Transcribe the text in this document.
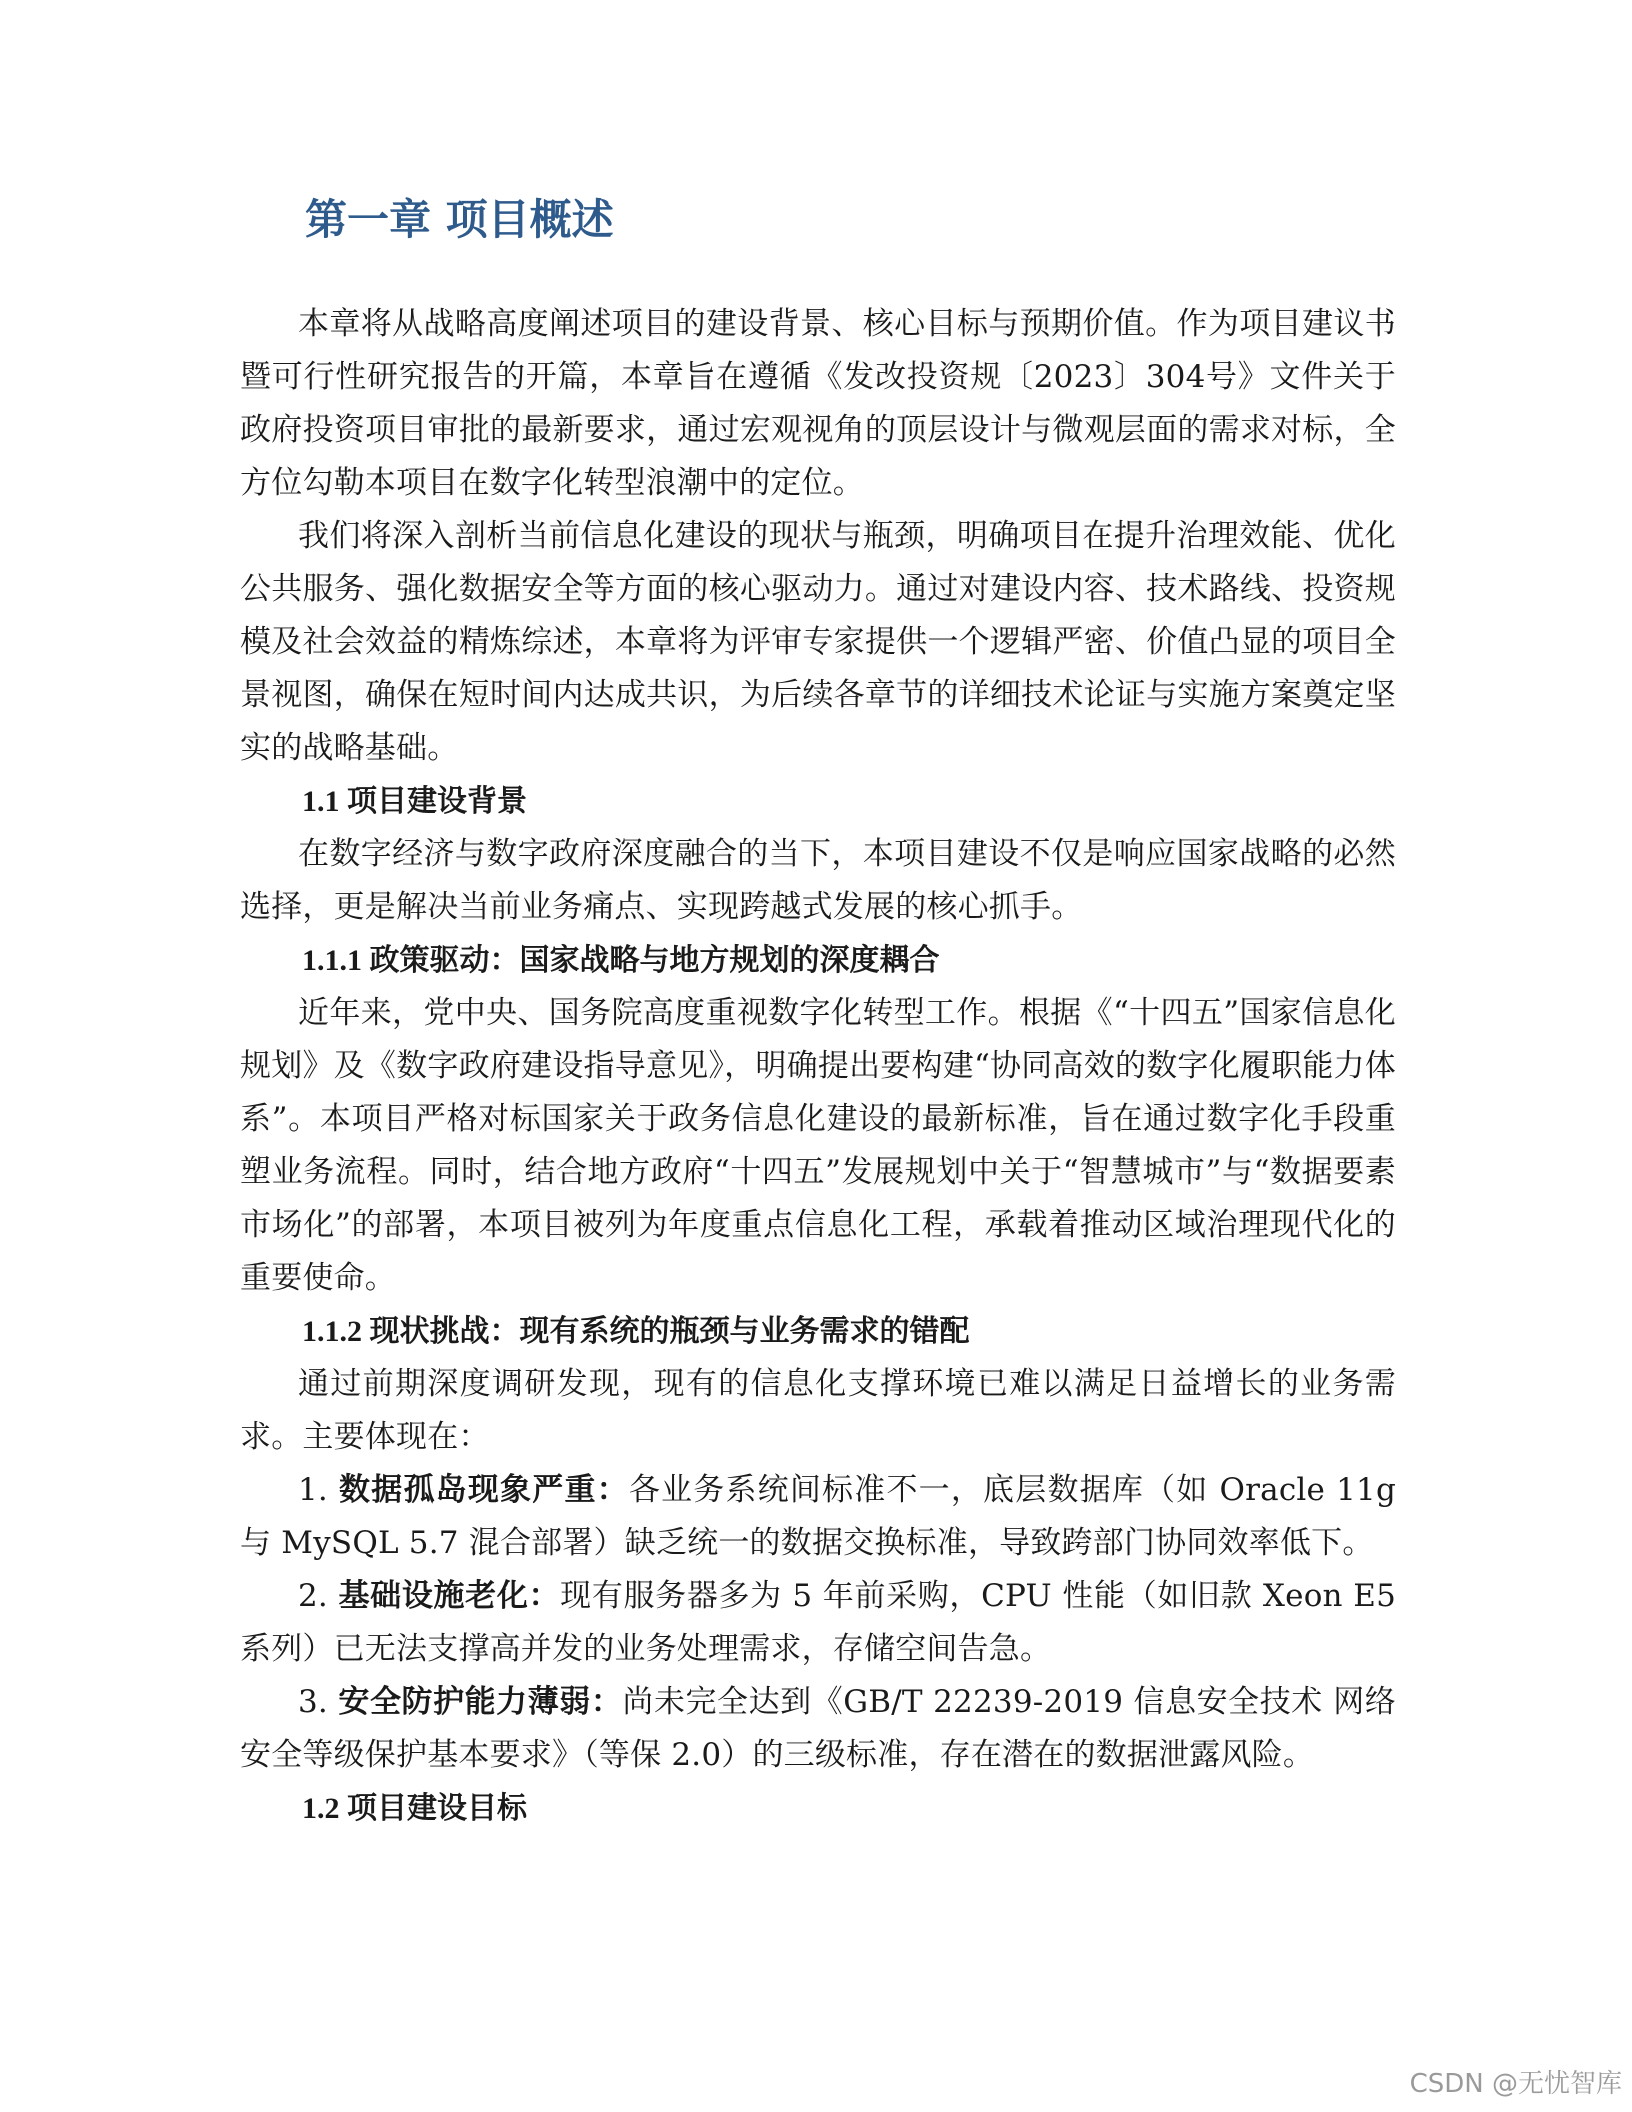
第一章 项目概述

本章将从战略高度阐述项目的建设背景、核心目标与预期价值。作为项目建议书暨可行性研究报告的开篇，本章旨在遵循《发改投资规〔2023〕304号》文件关于政府投资项目审批的最新要求，通过宏观视角的顶层设计与微观层面的需求对标，全方位勾勒本项目在数字化转型浪潮中的定位。

我们将深入剖析当前信息化建设的现状与瓶颈，明确项目在提升治理效能、优化公共服务、强化数据安全等方面的核心驱动力。通过对建设内容、技术路线、投资规模及社会效益的精炼综述，本章将为评审专家提供一个逻辑严密、价值凸显的项目全景视图，确保在短时间内达成共识，为后续各章节的详细技术论证与实施方案奠定坚实的战略基础。

1.1 项目建设背景

在数字经济与数字政府深度融合的当下，本项目建设不仅是响应国家战略的必然选择，更是解决当前业务痛点、实现跨越式发展的核心抓手。

1.1.1 政策驱动：国家战略与地方规划的深度耦合

近年来，党中央、国务院高度重视数字化转型工作。根据《“十四五”国家信息化规划》及《数字政府建设指导意见》，明确提出要构建“协同高效的数字化履职能力体系”。本项目严格对标国家关于政务信息化建设的最新标准，旨在通过数字化手段重塑业务流程。同时，结合地方政府“十四五”发展规划中关于“智慧城市”与“数据要素市场化”的部署，本项目被列为年度重点信息化工程，承载着推动区域治理现代化的重要使命。

1.1.2 现状挑战：现有系统的瓶颈与业务需求的错配

通过前期深度调研发现，现有的信息化支撑环境已难以满足日益增长的业务需求。主要体现在：

1. 数据孤岛现象严重：各业务系统间标准不一，底层数据库（如 Oracle 11g 与 MySQL 5.7 混合部署）缺乏统一的数据交换标准，导致跨部门协同效率低下。

2. 基础设施老化：现有服务器多为 5 年前采购，CPU 性能（如旧款 Xeon E5 系列）已无法支撑高并发的业务处理需求，存储空间告急。

3. 安全防护能力薄弱：尚未完全达到《GB/T 22239-2019 信息安全技术 网络安全等级保护基本要求》（等保 2.0）的三级标准，存在潜在的数据泄露风险。

1.2 项目建设目标
CSDN @无忧智库
